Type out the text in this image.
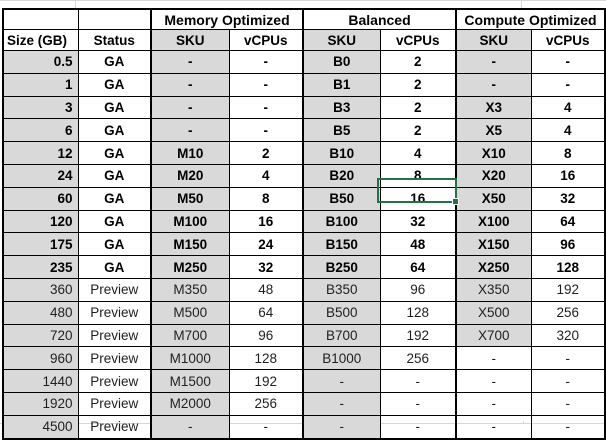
		Memory Optimized		Balanced		Compute Optimized	
Size (GB)	Status	SKU	vCPUs	SKU	vCPUs	SKU	vCPUs
0.5	GA	-	-	B0	2	-	-
1	GA	-	-	B1	2	-	-
3	GA	-	-	B3	2	X3	4
6	GA	-	-	B5	2	X5	4
12	GA	M10	2	B10	4	X10	8
24	GA	M20	4	B20	8	X20	16
60	GA	M50	8	B50	16	X50	32
120	GA	M100	16	B100	32	X100	64
175	GA	M150	24	B150	48	X150	96
235	GA	M250	32	B250	64	X250	128
360	Preview	M350	48	B350	96	X350	192
480	Preview	M500	64	B500	128	X500	256
720	Preview	M700	96	B700	192	X700	320
960	Preview	M1000	128	B1000	256	-	-
1440	Preview	M1500	192	-	-	-	-
1920	Preview	M2000	256	-	-	-	-
4500	Preview	-	-	-	-	-	-
